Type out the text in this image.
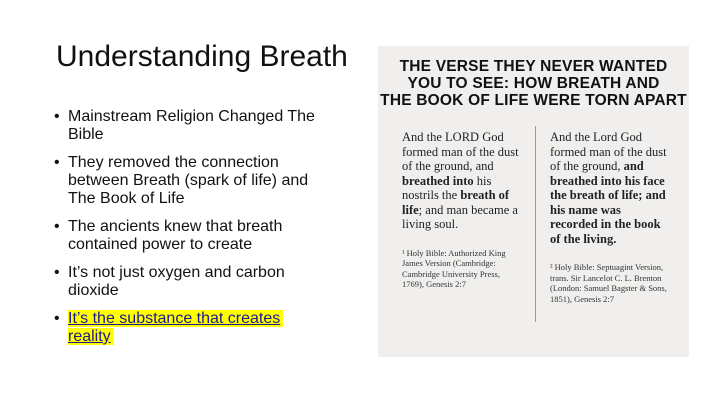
Understanding Breath
• Mainstream Religion Changed The Bible
• They removed the connection between Breath (spark of life) and The Book of Life
• The ancients knew that breath contained power to create
• It’s not just oxygen and carbon dioxide
• It’s the substance that creates reality
THE VERSE THEY NEVER WANTED
YOU TO SEE: HOW BREATH AND
THE BOOK OF LIFE WERE TORN APART

And the LORD God formed man of the dust of the ground, and breathed into his nostrils the breath of life; and man became a living soul.

¹ Holy Bible: Authorized King James Version (Cambridge: Cambridge University Press, 1769), Genesis 2:7

And the Lord God formed man of the dust of the ground, and breathed into his face the breath of life; and his name was recorded in the book of the living.

² Holy Bible: Septuagint Version, trans. Sir Lancelot C. L. Brenton (London: Samuel Bagster & Sons, 1851), Genesis 2:7
